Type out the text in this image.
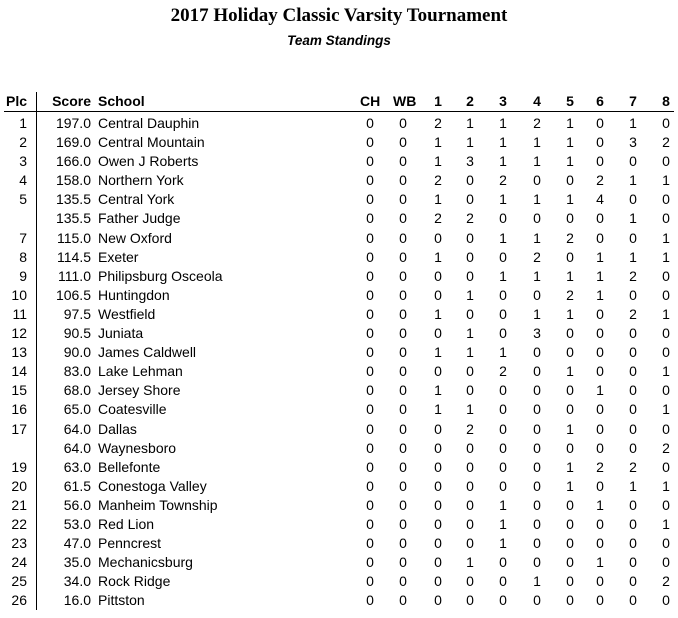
2017 Holiday Classic Varsity Tournament
Team Standings
Plc Score School	CH WB	1	2	3	4	5	6	7	8
1 197.0 Central Dauphin	0	0	2	1	1	2	1	0	1	0
2 169.0 Central Mountain	0	0	1	1	1	1	1	0	3	2
3 166.0 Owen J Roberts	0	0	1	3	1	1	1	0	0	0
4 158.0 Northern York	0	0	2	0	2	0	0	2	1	1
5 135.5 Central York	0	0	1	0	1	1	1	4	0	0
135.5 Father Judge	0	0	2	2	0	0	0	0	1	0
7 115.0 New Oxford	0	0	0	0	1	1	2	0	0	1
8 114.5 Exeter	0	0	1	0	0	2	0	1	1	1
9 111.0 Philipsburg Osceola	0	0	0	0	1	1	1	1	2	0
10 106.5 Huntingdon	0	0	0	1	0	0	2	1	0	0
11	97.5 Westfield	0	0	1	0	0	1	1	0	2	1
12	90.5 Juniata	0	0	0	1	0	3	0	0	0	0
13	90.0 James Caldwell	0	0	1	1	1	0	0	0	0	0
14	83.0 Lake Lehman	0	0	0	0	2	0	1	0	0	1
15	68.0 Jersey Shore	0	0	1	0	0	0	0	1	0	0
16	65.0 Coatesville	0	0	1	1	0	0	0	0	0	1
17	64.0 Dallas	0	0	0	2	0	0	1	0	0	0
64.0 Waynesboro	0	0	0	0	0	0	0	0	0	2
19	63.0 Bellefonte	0	0	0	0	0	0	1	2	2	0
20	61.5 Conestoga Valley	0	0	0	0	0	0	1	0	1	1
21	56.0 Manheim Township	0	0	0	0	1	0	0	1	0	0
22	53.0 Red Lion	0	0	0	0	1	0	0	0	0	1
23	47.0 Penncrest	0	0	0	0	1	0	0	0	0	0
24	35.0 Mechanicsburg	0	0	0	1	0	0	0	1	0	0
25	34.0 Rock Ridge	0	0	0	0	0	1	0	0	0	2
26	16.0 Pittston	0	0	0	0	0	0	0	0	0	0
